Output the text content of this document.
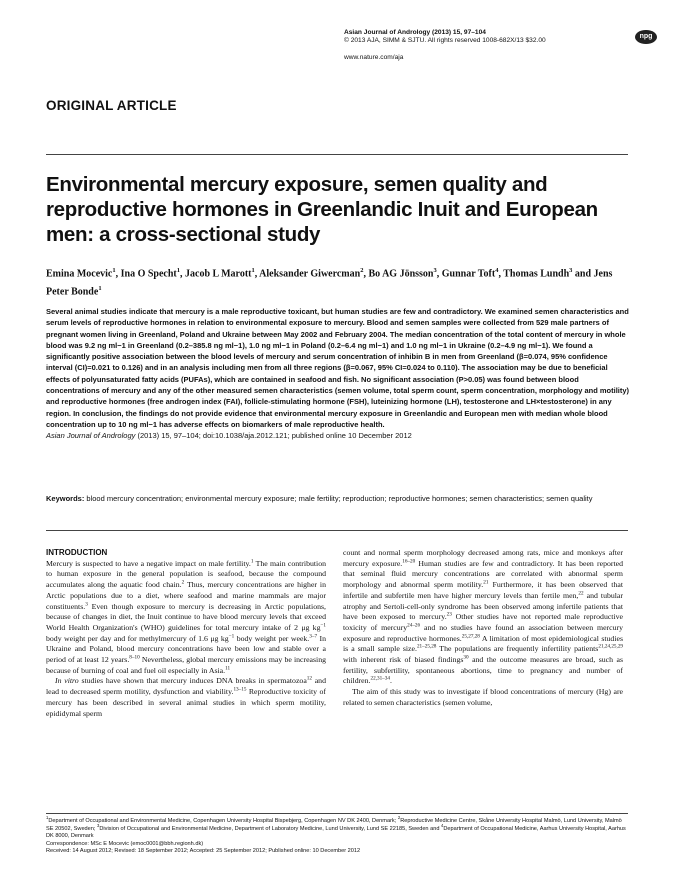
Asian Journal of Andrology (2013) 15, 97–104
© 2013 AJA, SIMM & SJTU. All rights reserved 1008-682X/13 $32.00
www.nature.com/aja
npg
ORIGINAL ARTICLE
Environmental mercury exposure, semen quality and reproductive hormones in Greenlandic Inuit and European men: a cross-sectional study
Emina Mocevic$^1$, Ina O Specht$^1$, Jacob L Marott$^1$, Aleksander Giwercman$^2$, Bo AG Jönsson$^3$, Gunnar Toft$^4$, Thomas Lundh$^3$ and Jens Peter Bonde$^1$
Several animal studies indicate that mercury is a male reproductive toxicant, but human studies are few and contradictory. We examined semen characteristics and serum levels of reproductive hormones in relation to environmental exposure to mercury. Blood and semen samples were collected from 529 male partners of pregnant women living in Greenland, Poland and Ukraine between May 2002 and February 2004. The median concentration of the total content of mercury in whole blood was 9.2 ng ml−1 in Greenland (0.2–385.8 ng ml−1), 1.0 ng ml−1 in Poland (0.2–6.4 ng ml−1) and 1.0 ng ml−1 in Ukraine (0.2–4.9 ng ml−1). We found a significantly positive association between the blood levels of mercury and serum concentration of inhibin B in men from Greenland (β=0.074, 95% confidence interval (CI)=0.021 to 0.126) and in an analysis including men from all three regions (β=0.067, 95% CI=0.024 to 0.110). The association may be due to beneficial effects of polyunsaturated fatty acids (PUFAs), which are contained in seafood and fish. No significant association (P>0.05) was found between blood concentrations of mercury and any of the other measured semen characteristics (semen volume, total sperm count, sperm concentration, morphology and motility) and reproductive hormones (free androgen index (FAI), follicle-stimulating hormone (FSH), luteinizing hormone (LH), testosterone and LH×testosterone) in any region. In conclusion, the findings do not provide evidence that environmental mercury exposure in Greenlandic and European men with median whole blood concentration up to 10 ng ml−1 has adverse effects on biomarkers of male reproductive health.
Asian Journal of Andrology (2013) 15, 97–104; doi:10.1038/aja.2012.121; published online 10 December 2012
Keywords: blood mercury concentration; environmental mercury exposure; male fertility; reproduction; reproductive hormones; semen characteristics; semen quality
INTRODUCTION

Mercury is suspected to have a negative impact on male fertility.$^1$ The main contribution to human exposure in the general population is seafood, because the compound accumulates along the aquatic food chain.$^2$ Thus, mercury concentrations are higher in Arctic populations due to a diet, where seafood and marine mammals are major constituents.$^3$ Even though exposure to mercury is decreasing in Arctic populations, because of changes in diet, the Inuit continue to have blood mercury levels that exceed World Health Organization's (WHO) guidelines for total mercury intake of 2 μg $kg^{-1}$ body weight per day and for methylmercury of 1.6 μg $kg^{-1}$ body weight per week.$^{3-7}$ In Ukraine and Poland, blood mercury concentrations have been low and stable over a period of at least 12 years.$^{8-10}$ Nevertheless, global mercury emissions may be increasing because of burning of coal and fuel oil especially in Asia.$^{11}$

In vitro studies have shown that mercury induces DNA breaks in spermatozoa$^{12}$ and lead to decreased sperm motility, dysfunction and viability.$^{13-15}$ Reproductive toxicity of mercury has been described in several animal studies in which sperm motility, epididymal sperm

count and normal sperm morphology decreased among rats, mice and monkeys after mercury exposure.$^{16-20}$ Human studies are few and contradictory. It has been reported that seminal fluid mercury concentrations are correlated with abnormal sperm morphology and abnormal sperm motility.$^{21}$ Furthermore, it has been observed that infertile and subfertile men have higher mercury levels than fertile men,$^{22}$ and tubular atrophy and Sertoli-cell-only syndrome has been observed among infertile patients that have been exposed to mercury.$^{23}$ Other studies have not reported male reproductive toxicity of mercury$^{24-26}$ and no studies have found an association between mercury exposure and reproductive hormones.$^{25,27,28}$ A limitation of most epidemiological studies is a small sample size.$^{21-25,28}$ The populations are frequently infertility patients$^{21,24,25,29}$ with inherent risk of biased findings$^{30}$ and the outcome measures are broad, such as fertility, subfertility, spontaneous abortions, time to pregnancy and number of children.$^{22,31-34}$.

The aim of this study was to investigate if blood concentrations of mercury (Hg) are related to semen characteristics (semen volume,

$^1$Department of Occupational and Environmental Medicine, Copenhagen University Hospital Bispebjerg, Copenhagen NV DK 2400, Denmark; $^2$Reproductive Medicine Centre, Skåne University Hospital Malmö, Lund University, Malmö SE 20502, Sweden; $^3$Division of Occupational and Environmental Medicine, Department of Laboratory Medicine, Lund University, Lund SE 22185, Sweden and $^4$Department of Occupational Medicine, Aarhus University Hospital, Aarhus DK 8000, Denmark
Correspondence: MSc E Mocevic (emoc0001@bbh.regionh.dk)
Received: 14 August 2012; Revised: 18 September 2012; Accepted: 25 September 2012; Published online: 10 December 2012
